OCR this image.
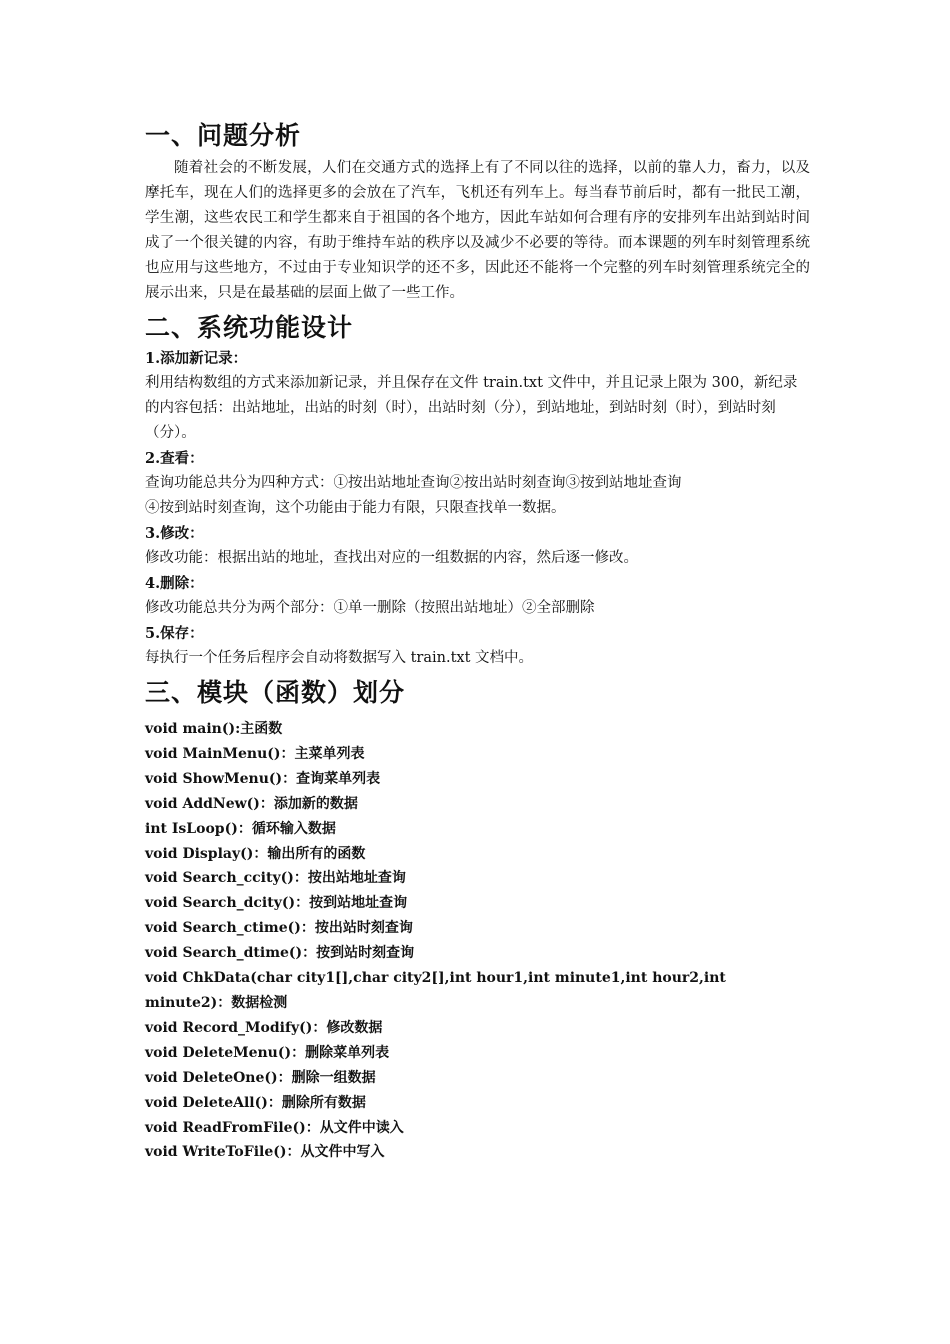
一、问题分析

随着社会的不断发展，人们在交通方式的选择上有了不同以往的选择，以前的靠人力，畜力，以及摩托车，现在人们的选择更多的会放在了汽车，飞机还有列车上。每当春节前后时，都有一批民工潮，学生潮，这些农民工和学生都来自于祖国的各个地方，因此车站如何合理有序的安排列车出站到站时间成了一个很关键的内容，有助于维持车站的秩序以及减少不必要的等待。而本课题的列车时刻管理系统也应用与这些地方，不过由于专业知识学的还不多，因此还不能将一个完整的列车时刻管理系统完全的展示出来，只是在最基础的层面上做了一些工作。

二、系统功能设计

1.添加新记录：

利用结构数组的方式来添加新记录，并且保存在文件 train.txt 文件中，并且记录上限为 300，新纪录的内容包括：出站地址，出站的时刻（时），出站时刻（分），到站地址，到站时刻（时），到站时刻（分）。

2.查看：

查询功能总共分为四种方式：①按出站地址查询②按出站时刻查询③按到站地址查询

④按到站时刻查询，这个功能由于能力有限，只限查找单一数据。

3.修改：

修改功能：根据出站的地址，查找出对应的一组数据的内容，然后逐一修改。

4.删除：

修改功能总共分为两个部分：①单一删除（按照出站地址）②全部删除

5.保存：

每执行一个任务后程序会自动将数据写入 train.txt 文档中。

三、模块（函数）划分

void main():主函数

void MainMenu()：主菜单列表

void ShowMenu()：查询菜单列表

void AddNew()：添加新的数据

int IsLoop()：循环输入数据

void Display()：输出所有的函数

void Search_ccity()：按出站地址查询

void Search_dcity()：按到站地址查询

void Search_ctime()：按出站时刻查询

void Search_dtime()：按到站时刻查询

void ChkData(char city1[],char city2[],int hour1,int minute1,int hour2,int minute2)：数据检测

void Record_Modify()：修改数据

void DeleteMenu()：删除菜单列表

void DeleteOne()：删除一组数据

void DeleteAll()：删除所有数据

void ReadFromFile()：从文件中读入

void WriteToFile()：从文件中写入
